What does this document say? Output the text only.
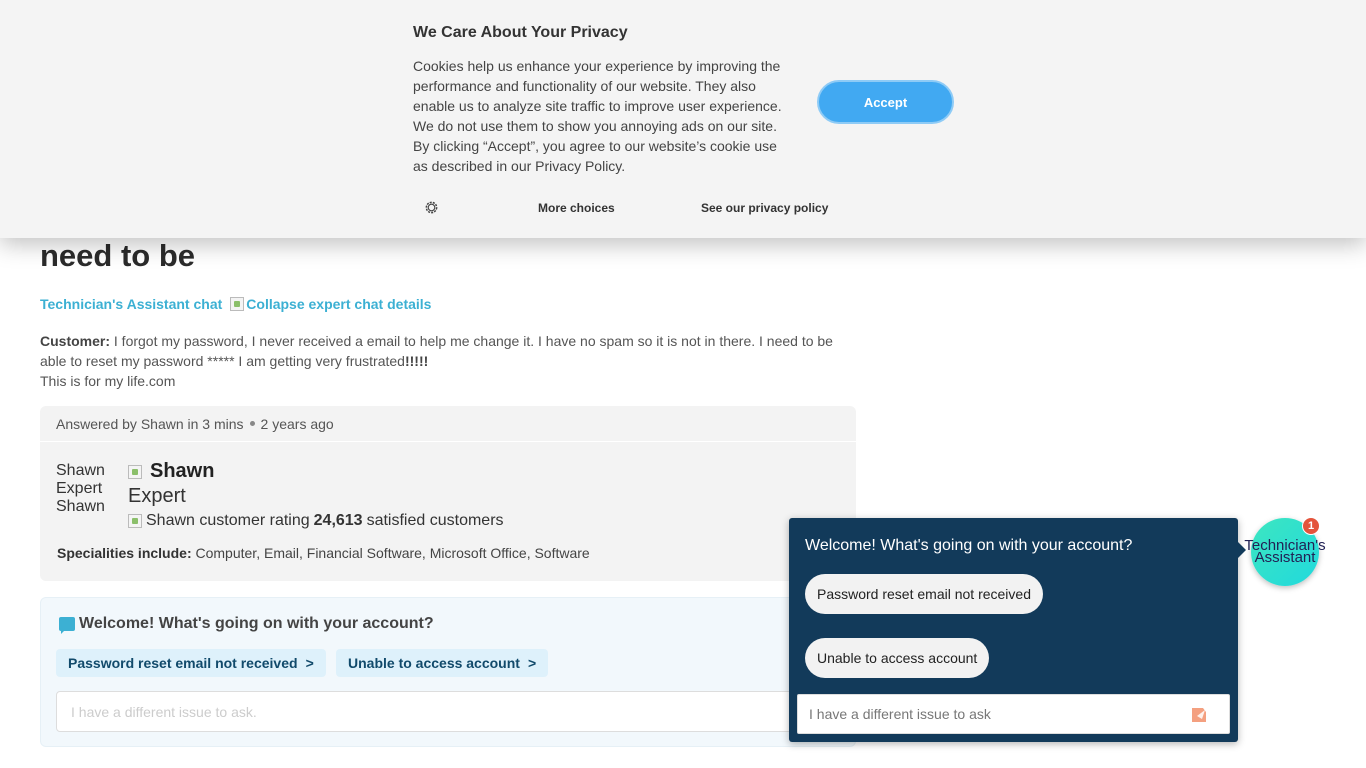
need to be
Technician's Assistant chat Collapse expert chat details
Customer: I forgot my password, I never received a email to help me change it. I have no spam so it is not in there. I need to be able to reset my password ***** I am getting very frustrated!!!!!
This is for my life.com
Answered by Shawn in 3 mins 2 years ago
Shawn Expert Shawn
Shawn
Expert
Shawn customer rating 24,613 satisfied customers
Specialities include: Computer, Email, Financial Software, Microsoft Office, Software
Welcome! What's going on with your account?
Password reset email not received > Unable to access account >
I have a different issue to ask.
We Care About Your Privacy
Cookies help us enhance your experience by improving the performance and functionality of our website. They also enable us to analyze site traffic to improve user experience. We do not use them to show you annoying ads on our site. By clicking “Accept”, you agree to our website’s cookie use as described in our Privacy Policy.
Accept
More choices	See our privacy policy
Welcome! What's going on with your account?
Password reset email not received
Unable to access account
I have a different issue to ask
Technician's Assistant
1
